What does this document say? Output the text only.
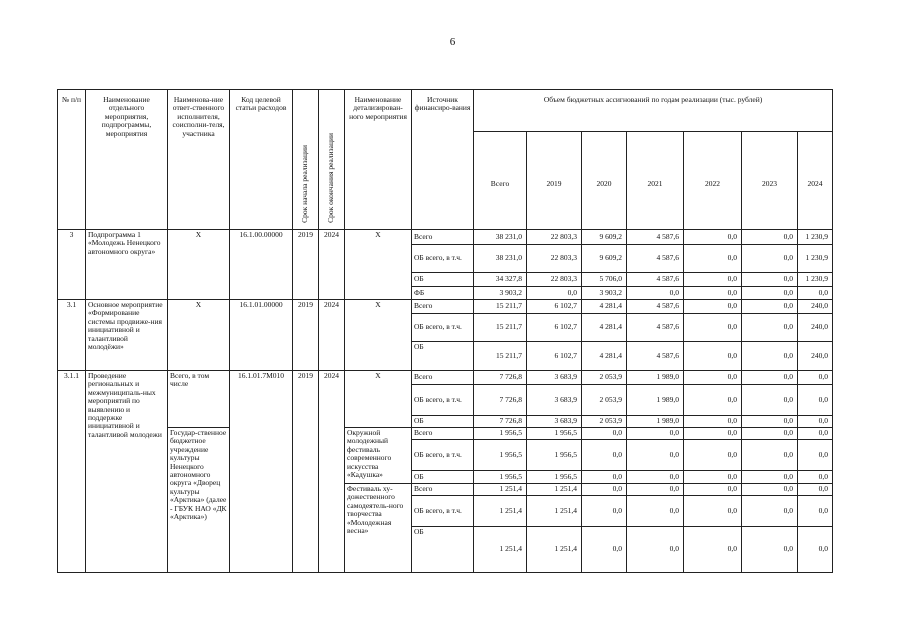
6
№ п/п	Наименование отдельного мероприятия, подпрограммы, мероприятия	Наименова-ние ответ-ственного исполнителя, соисполни-теля, участника	Код целевой статьи расходов	Срок начала реализации	Срок окончания реализации	Наименование детализирован-ного мероприятия	Источник финансиро-вания	Объем бюджетных ассигнований по годам реализации (тыс. рублей)						
								Всего	2019	2020	2021	2022	2023	2024
3	Подпрограмма 1 «Молодежь Ненецкого автономного округа»	Х	16.1.00.00000	2019	2024	Х	Всего	38 231,0	22 803,3	9 609,2	4 587,6	0,0	0,0	1 230,9
							ОБ всего, в т.ч.	38 231,0	22 803,3	9 609,2	4 587,6	0,0	0,0	1 230,9
							ОБ	34 327,8	22 803,3	5 706,0	4 587,6	0,0	0,0	1 230,9
							ФБ	3 903,2	0,0	3 903,2	0,0	0,0	0,0	0,0
3.1	Основное мероприятие «Формирование системы продвиже-ния инициативной и талантливой молодёжи»	Х	16.1.01.00000	2019	2024	Х	Всего	15 211,7	6 102,7	4 281,4	4 587,6	0,0	0,0	240,0
							ОБ всего, в т.ч.	15 211,7	6 102,7	4 281,4	4 587,6	0,0	0,0	240,0
							ОБ	15 211,7	6 102,7	4 281,4	4 587,6	0,0	0,0	240,0
3.1.1	Проведение региональных и межмуниципаль-ных мероприятий по выявлению и поддержке инициативной и талантливой молодежи	Всего, в том числе	16.1.01.7М010	2019	2024	Х	Всего	7 726,8	3 683,9	2 053,9	1 989,0	0,0	0,0	0,0
							ОБ всего, в т.ч.	7 726,8	3 683,9	2 053,9	1 989,0	0,0	0,0	0,0
							ОБ	7 726,8	3 683,9	2 053,9	1 989,0	0,0	0,0	0,0
		Государ-ственное бюджетное учреждение культуры Ненецкого автономного округа «Дворец культуры «Арктика» (далее - ГБУК НАО «ДК «Арктика»)				Окружной молодежный фестиваль современного искусства «Кадушка»	Всего	1 956,5	1 956,5	0,0	0,0	0,0	0,0	0,0
							ОБ всего, в т.ч.	1 956,5	1 956,5	0,0	0,0	0,0	0,0	0,0
							ОБ	1 956,5	1 956,5	0,0	0,0	0,0	0,0	0,0
						Фестиваль ху-дожественного самодеятель-ного творчества «Молодежная весна»	Всего	1 251,4	1 251,4	0,0	0,0	0,0	0,0	0,0
							ОБ всего, в т.ч.	1 251,4	1 251,4	0,0	0,0	0,0	0,0	0,0
							ОБ	1 251,4	1 251,4	0,0	0,0	0,0	0,0	0,0
